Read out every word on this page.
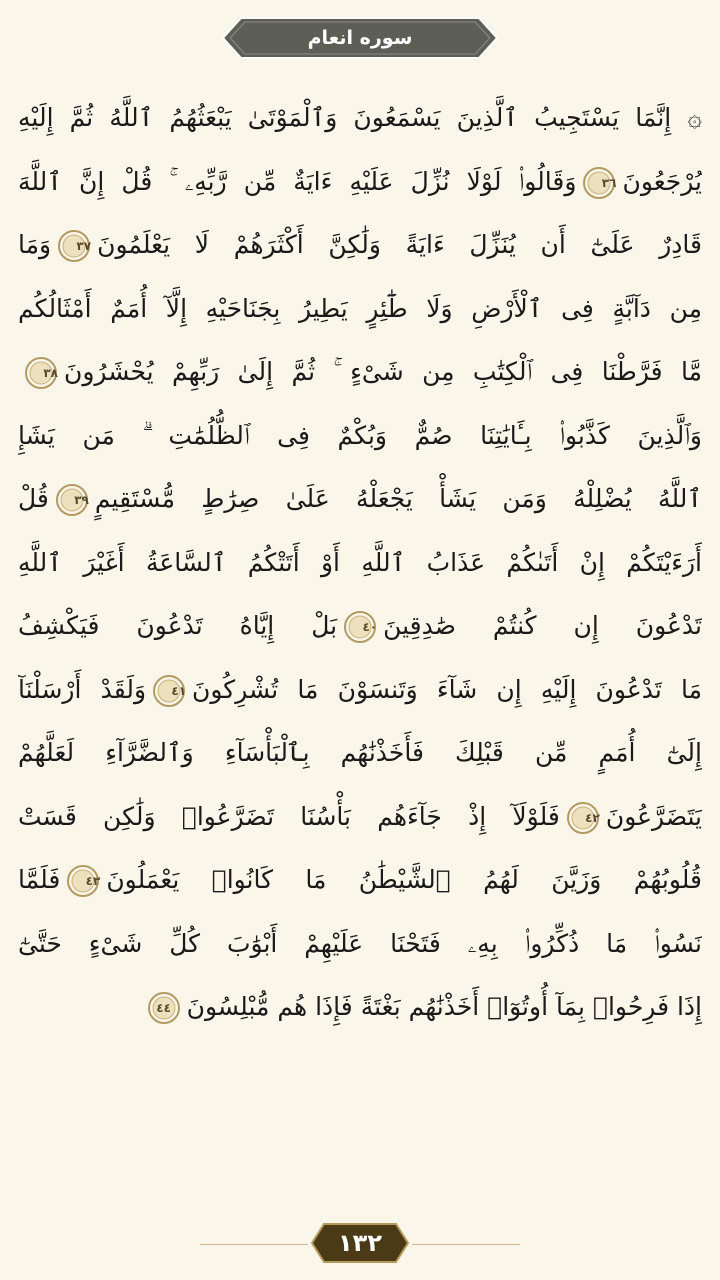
سوره انعام
۞ إِنَّمَا يَسْتَجِيبُ ٱلَّذِينَ يَسْمَعُونَ وَٱلْمَوْتَىٰ يَبْعَثُهُمُ ٱللَّهُ ثُمَّ إِلَيْهِ
يُرْجَعُونَ
٣٦
وَقَالُوا۟ لَوْلَا نُزِّلَ عَلَيْهِ ءَايَةٌ مِّن رَّبِّهِۦ ۚ قُلْ إِنَّ ٱللَّهَ
قَادِرٌ عَلَىٰٓ أَن يُنَزِّلَ ءَايَةً وَلَٰكِنَّ أَكْثَرَهُمْ لَا يَعْلَمُونَ
٣٧
وَمَا
مِن دَآبَّةٍ فِى ٱلْأَرْضِ وَلَا طَٰٓئِرٍ يَطِيرُ بِجَنَاحَيْهِ إِلَّآ أُمَمٌ أَمْثَالُكُم
مَّا فَرَّطْنَا فِى ٱلْكِتَٰبِ مِن شَىْءٍ ۚ ثُمَّ إِلَىٰ رَبِّهِمْ يُحْشَرُونَ
٣٨
وَٱلَّذِينَ كَذَّبُوا۟ بِـَٔايَٰتِنَا صُمٌّ وَبُكْمٌ فِى ٱلظُّلُمَٰتِ ۗ مَن يَشَإِ
ٱللَّهُ يُضْلِلْهُ وَمَن يَشَأْ يَجْعَلْهُ عَلَىٰ صِرَٰطٍ مُّسْتَقِيمٍ
٣٩
قُلْ
أَرَءَيْتَكُمْ إِنْ أَتَىٰكُمْ عَذَابُ ٱللَّهِ أَوْ أَتَتْكُمُ ٱلسَّاعَةُ أَغَيْرَ ٱللَّهِ
تَدْعُونَ إِن كُنتُمْ صَٰدِقِينَ
٤٠
بَلْ إِيَّاهُ تَدْعُونَ فَيَكْشِفُ
مَا تَدْعُونَ إِلَيْهِ إِن شَآءَ وَتَنسَوْنَ مَا تُشْرِكُونَ
٤١
وَلَقَدْ أَرْسَلْنَآ
إِلَىٰٓ أُمَمٍ مِّن قَبْلِكَ فَأَخَذْنَٰهُم بِٱلْبَأْسَآءِ وَٱلضَّرَّآءِ لَعَلَّهُمْ
يَتَضَرَّعُونَ
٤٢
فَلَوْلَآ إِذْ جَآءَهُم بَأْسُنَا تَضَرَّعُوا۟ وَلَٰكِن قَسَتْ
قُلُوبُهُمْ وَزَيَّنَ لَهُمُ ٱلشَّيْطَٰنُ مَا كَانُوا۟ يَعْمَلُونَ
٤٣
فَلَمَّا
نَسُوا۟ مَا ذُكِّرُوا۟ بِهِۦ فَتَحْنَا عَلَيْهِمْ أَبْوَٰبَ كُلِّ شَىْءٍ حَتَّىٰٓ
إِذَا فَرِحُوا۟ بِمَآ أُوتُوٓا۟ أَخَذْنَٰهُم بَغْتَةً فَإِذَا هُم مُّبْلِسُونَ
٤٤
١٣٢
